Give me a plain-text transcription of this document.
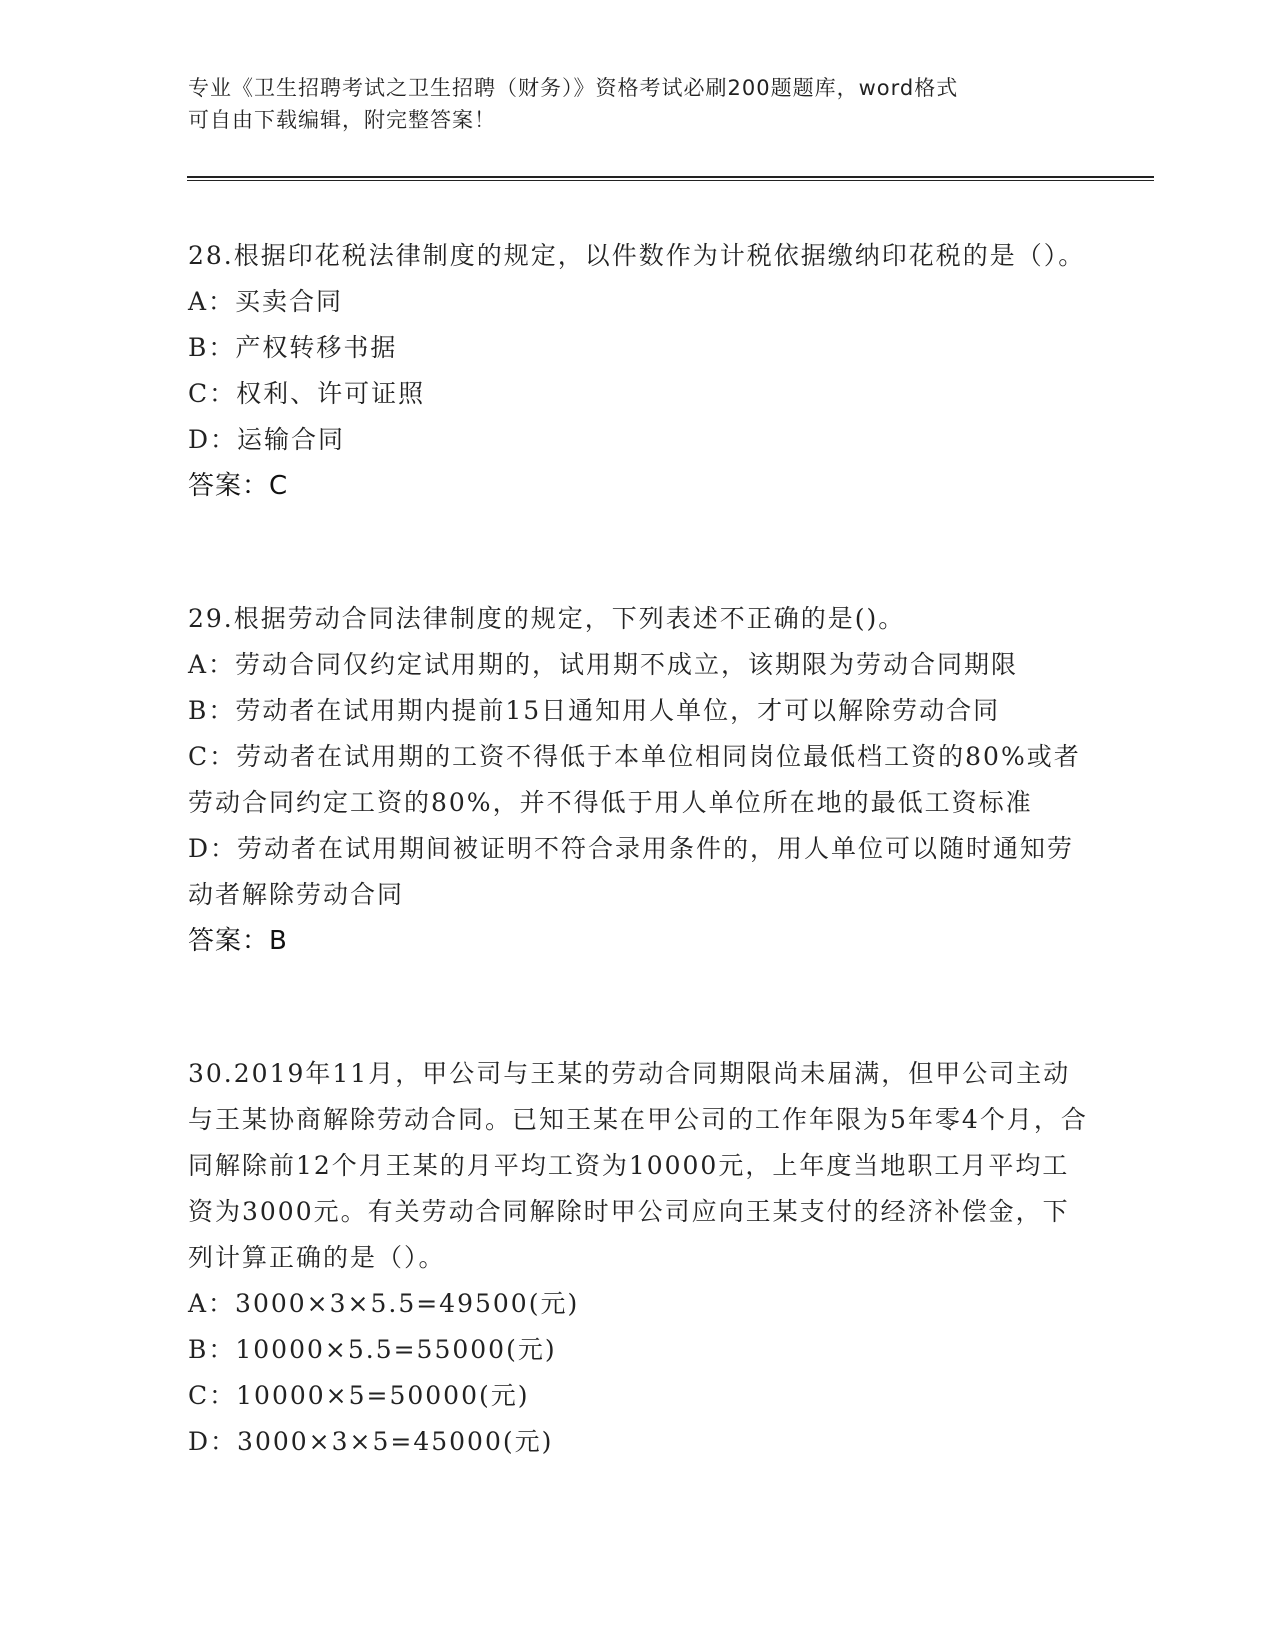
专业《卫生招聘考试之卫生招聘（财务）》资格考试必刷200题题库，word格式
可自由下载编辑，附完整答案！

28.根据印花税法律制度的规定，以件数作为计税依据缴纳印花税的是（）。

A：买卖合同

B：产权转移书据

C：权利、许可证照

D：运输合同

答案：C

29.根据劳动合同法律制度的规定，下列表述不正确的是()。

A：劳动合同仅约定试用期的，试用期不成立，该期限为劳动合同期限

B：劳动者在试用期内提前15日通知用人单位，才可以解除劳动合同

C：劳动者在试用期的工资不得低于本单位相同岗位最低档工资的80%或者劳动合同约定工资的80%，并不得低于用人单位所在地的最低工资标准

D：劳动者在试用期间被证明不符合录用条件的，用人单位可以随时通知劳动者解除劳动合同

答案：B

30.2019年11月，甲公司与王某的劳动合同期限尚未届满，但甲公司主动与王某协商解除劳动合同。已知王某在甲公司的工作年限为5年零4个月，合同解除前12个月王某的月平均工资为10000元，上年度当地职工月平均工资为3000元。有关劳动合同解除时甲公司应向王某支付的经济补偿金，下列计算正确的是（）。

A：3000×3×5.5=49500(元)

B：10000×5.5=55000(元)

C：10000×5=50000(元)

D：3000×3×5=45000(元)
